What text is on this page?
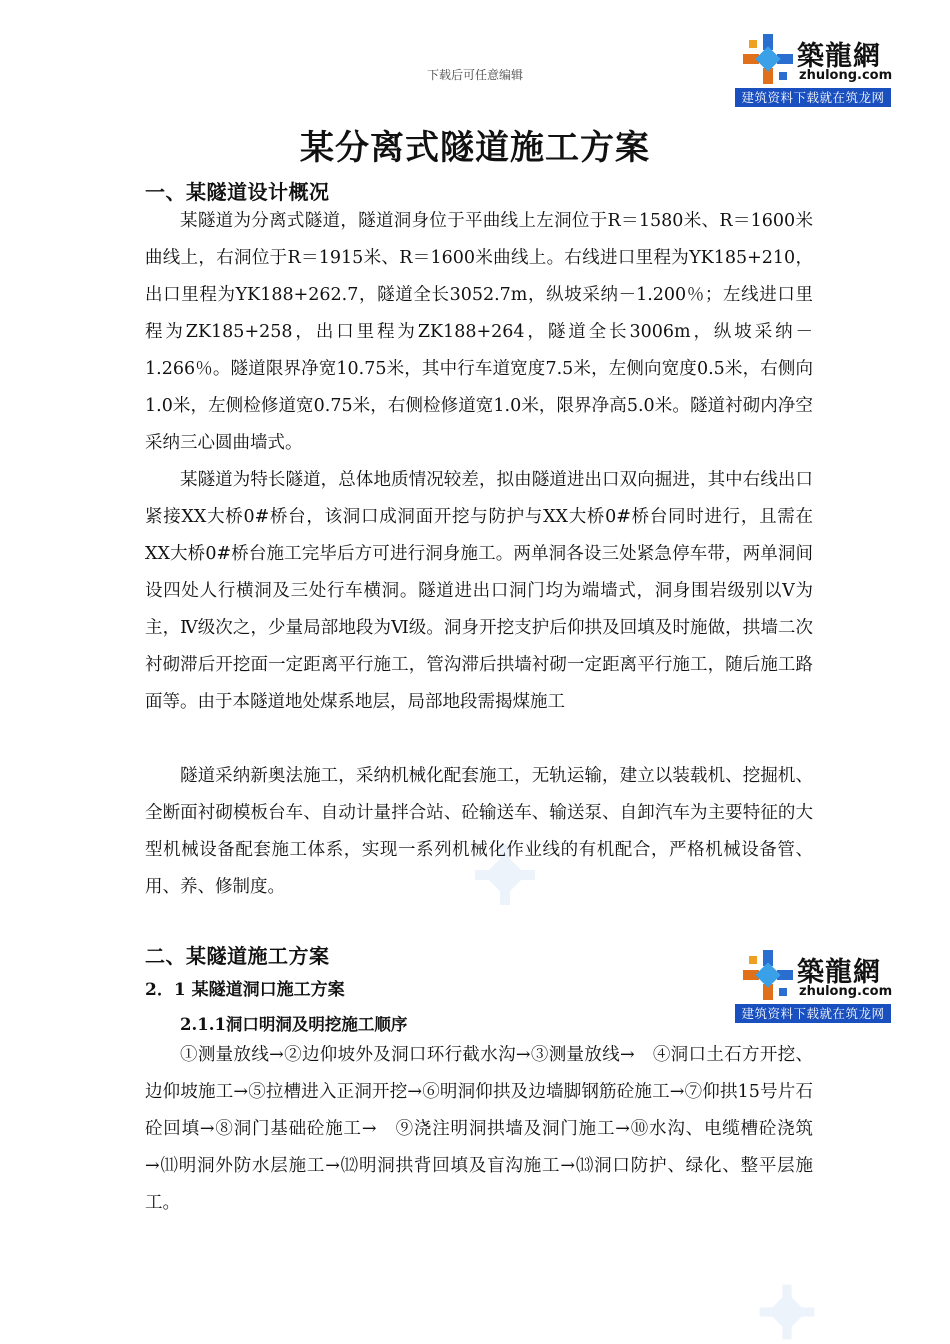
下载后可任意编辑
築龍網
zhulong.com
建筑资料下载就在筑龙网
某分离式隧道施工方案
一、某隧道设计概况

某隧道为分离式隧道，隧道洞身位于平曲线上左洞位于R＝1580米、R＝1600米曲线上，右洞位于R＝1915米、R＝1600米曲线上。右线进口里程为YK185+210，出口里程为YK188+262.7，隧道全长3052.7m，纵坡采纳－1.200％；左线进口里程为ZK185+258，出口里程为ZK188+264，隧道全长3006m，纵坡采纳－1.266％。隧道限界净宽10.75米，其中行车道宽度7.5米，左侧向宽度0.5米，右侧向1.0米，左侧检修道宽0.75米，右侧检修道宽1.0米，限界净高5.0米。隧道衬砌内净空采纳三心圆曲墙式。

某隧道为特长隧道，总体地质情况较差，拟由隧道进出口双向掘进，其中右线出口紧接XX大桥0#桥台，该洞口成洞面开挖与防护与XX大桥0#桥台同时进行，且需在XX大桥0#桥台施工完毕后方可进行洞身施工。两单洞各设三处紧急停车带，两单洞间设四处人行横洞及三处行车横洞。隧道进出口洞门均为端墙式，洞身围岩级别以Ⅴ为主，Ⅳ级次之，少量局部地段为Ⅵ级。洞身开挖支护后仰拱及回填及时施做，拱墙二次衬砌滞后开挖面一定距离平行施工，管沟滞后拱墙衬砌一定距离平行施工，随后施工路面等。由于本隧道地处煤系地层，局部地段需揭煤施工

隧道采纳新奥法施工，采纳机械化配套施工，无轨运输，建立以装载机、挖掘机、全断面衬砌模板台车、自动计量拌合站、砼输送车、输送泵、自卸汽车为主要特征的大型机械设备配套施工体系，实现一系列机械化作业线的有机配合，严格机械设备管、用、养、修制度。

二、某隧道施工方案
2．1 某隧道洞口施工方案
築龍網
zhulong.com
建筑资料下载就在筑龙网
2.1.1洞口明洞及明挖施工顺序

①测量放线→②边仰坡外及洞口环行截水沟→③测量放线→　④洞口土石方开挖、边仰坡施工→⑤拉槽进入正洞开挖→⑥明洞仰拱及边墙脚钢筋砼施工→⑦仰拱15号片石砼回填→⑧洞门基础砼施工→　⑨浇注明洞拱墙及洞门施工→⑩水沟、电缆槽砼浇筑→⑾明洞外防水层施工→⑿明洞拱背回填及盲沟施工→⒀洞口防护、绿化、整平层施工。
